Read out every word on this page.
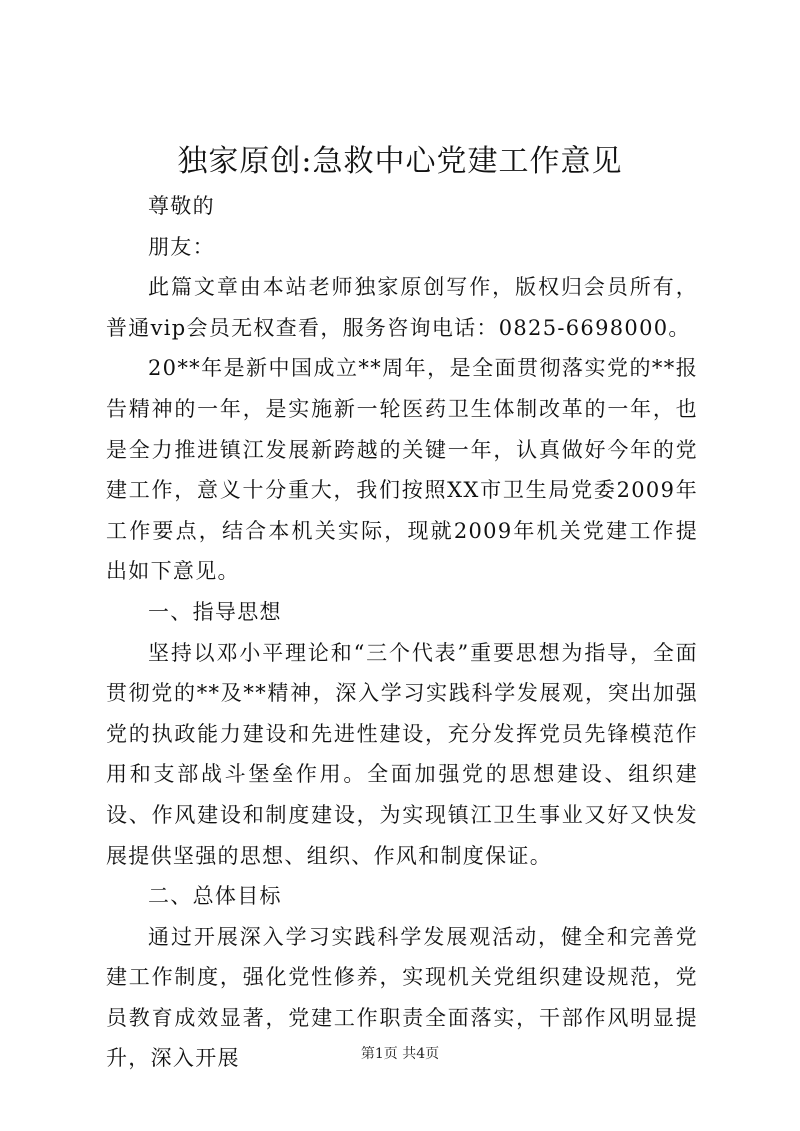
独家原创:急救中心党建工作意见

尊敬的

朋友：

此篇文章由本站老师独家原创写作，版权归会员所有，普通vip会员无权查看，服务咨询电话：0825-6698000。

20**年是新中国成立**周年，是全面贯彻落实党的**报告精神的一年，是实施新一轮医药卫生体制改革的一年，也是全力推进镇江发展新跨越的关键一年，认真做好今年的党建工作，意义十分重大，我们按照XX市卫生局党委2009年工作要点，结合本机关实际，现就2009年机关党建工作提出如下意见。

一、指导思想

坚持以邓小平理论和“三个代表”重要思想为指导，全面贯彻党的**及**精神，深入学习实践科学发展观，突出加强党的执政能力建设和先进性建设，充分发挥党员先锋模范作用和支部战斗堡垒作用。全面加强党的思想建设、组织建设、作风建设和制度建设，为实现镇江卫生事业又好又快发展提供坚强的思想、组织、作风和制度保证。

二、总体目标

通过开展深入学习实践科学发展观活动，健全和完善党建工作制度，强化党性修养，实现机关党组织建设规范，党员教育成效显著，党建工作职责全面落实，干部作风明显提升，深入开展	第1页 共4页
